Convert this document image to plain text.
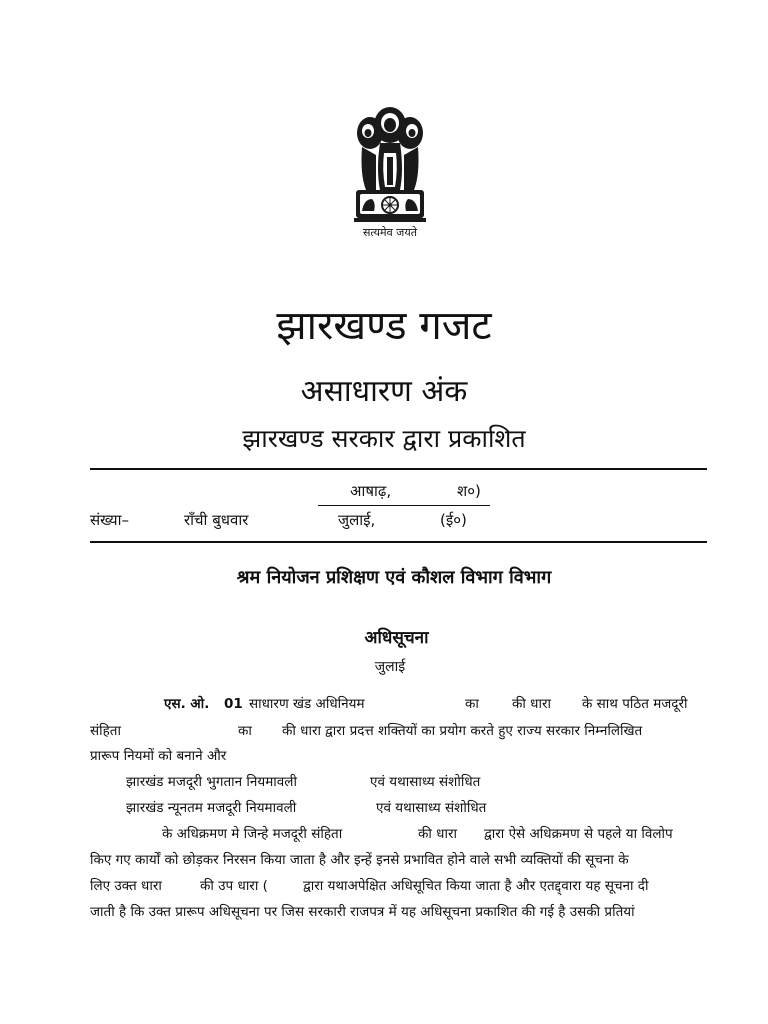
सत्यमेव जयते
झारखण्ड गजट
असाधारण अंक
झारखण्ड सरकार द्वारा प्रकाशित
आषाढ़,	श०)
संख्या–	राँची बुधवार	जुलाई,	(ई०)
श्रम नियोजन प्रशिक्षण एवं कौशल विभाग विभाग
अधिसूचना
जुलाई
एस. ओ. 01 साधारण खंड अधिनियम	का की धारा के साथ पठित मजदूरी
संहिता	का की धारा द्वारा प्रदत्त शक्तियों का प्रयोग करते हुए राज्य सरकार निम्नलिखित
प्रारूप नियमों को बनाने और
झारखंड मजदूरी भुगतान नियमावली	एवं यथासाध्य संशोधित
झारखंड न्यूनतम मजदूरी नियमावली	एवं यथासाध्य संशोधित
के अधिक्रमण मे जिन्हे मजदूरी संहिता	की धारा द्वारा ऐसे अधिक्रमण से पहले या विलोप
किए गए कार्यों को छोड़कर निरसन किया जाता है और इन्हें इनसे प्रभावित होने वाले सभी व्यक्तियों की सूचना के
लिए उक्त धारा	की उप धारा (	द्वारा यथाअपेक्षित अधिसूचित किया जाता है और एतद्द्वारा यह सूचना दी
जाती है कि उक्त प्रारूप अधिसूचना पर जिस सरकारी राजपत्र में यह अधिसूचना प्रकाशित की गई है उसकी प्रतियां
